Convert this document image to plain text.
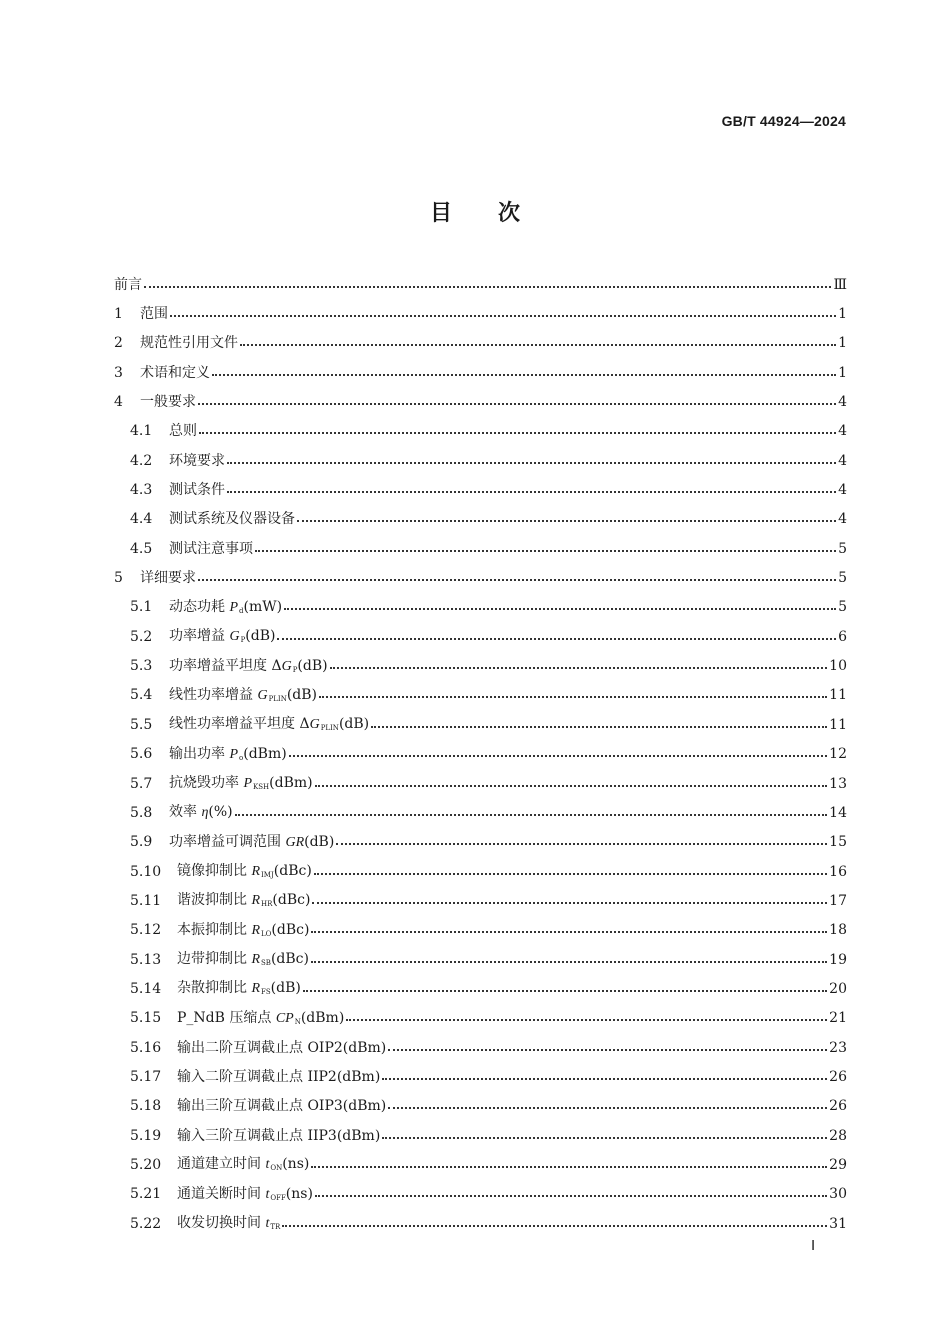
GB/T 44924—2024
目 次
前言	Ⅲ
1	范围	1
2	规范性引用文件	1
3	术语和定义	1
4	一般要求	4
4.1	总则	4
4.2	环境要求	4
4.3	测试条件	4
4.4	测试系统及仪器设备	4
4.5	测试注意事项	5
5	详细要求	5
5.1	动态功耗 $P_d(mW)$	5
5.2	功率增益 $G_P(dB)$	6
5.3	功率增益平坦度 $\Delta G_P(dB)$	10
5.4	线性功率增益 $G_{PLIN}(dB)$	11
5.5	线性功率增益平坦度 $\Delta G_{PLIN}(dB)$	11
5.6	输出功率 $P_o(dBm)$	12
5.7	抗烧毁功率 $P_{KSH}(dBm)$	13
5.8	效率 η(%)	14
5.9	功率增益可调范围 GR(dB)	15
5.10	镜像抑制比 $R_{IMJ}(dBc)$	16
5.11	谐波抑制比 $R_{HR}(dBc)$	17
5.12	本振抑制比 $R_{LO}(dBc)$	18
5.13	边带抑制比 $R_{SB}(dBc)$	19
5.14	杂散抑制比 $R_{FS}(dB)$	20
5.15	P_NdB 压缩点 $CP_N(dBm)$	21
5.16	输出二阶互调截止点 OIP2(dBm)	23
5.17	输入二阶互调截止点 IIP2(dBm)	26
5.18	输出三阶互调截止点 OIP3(dBm)	26
5.19	输入三阶互调截止点 IIP3(dBm)	28
5.20	通道建立时间 $t_{ON}(ns)$	29
5.21	通道关断时间 $t_{OFF}(ns)$	30
5.22	收发切换时间 $t_{TR}$	31
Ⅰ
